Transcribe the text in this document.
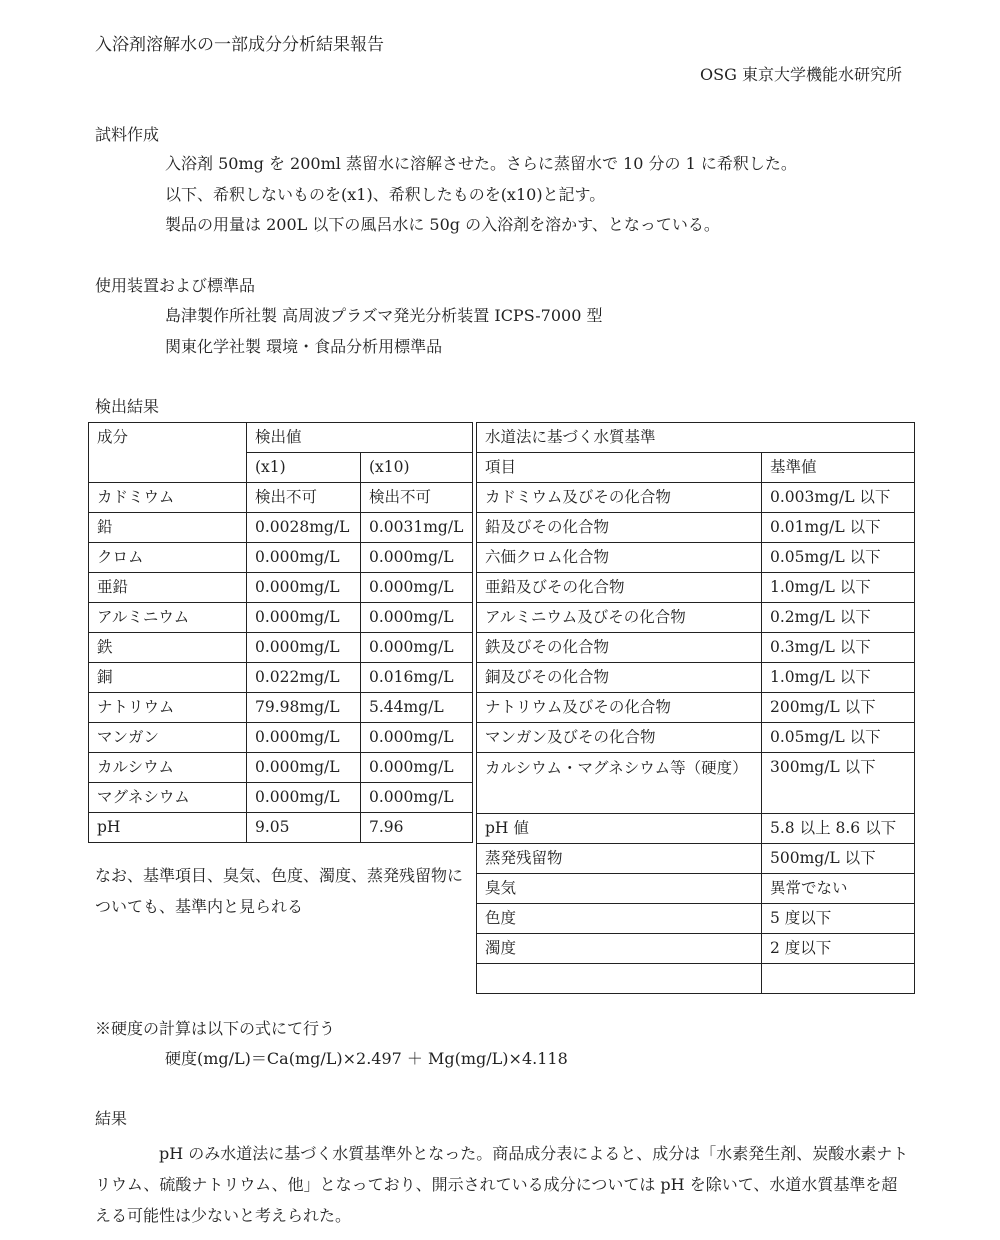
入浴剤溶解水の一部成分分析結果報告
OSG 東京大学機能水研究所
試料作成
入浴剤 50mg を 200ml 蒸留水に溶解させた。さらに蒸留水で 10 分の 1 に希釈した。
以下、希釈しないものを(x1)、希釈したものを(x10)と記す。
製品の用量は 200L 以下の風呂水に 50g の入浴剤を溶かす、となっている。
使用装置および標準品
島津製作所社製 高周波プラズマ発光分析装置 ICPS-7000 型
関東化学社製 環境・食品分析用標準品
検出結果
成分	検出値	
	(x1)	(x10)
カドミウム	検出不可	検出不可
鉛	0.0028mg/L	0.0031mg/L
クロム	0.000mg/L	0.000mg/L
亜鉛	0.000mg/L	0.000mg/L
アルミニウム	0.000mg/L	0.000mg/L
鉄	0.000mg/L	0.000mg/L
銅	0.022mg/L	0.016mg/L
ナトリウム	79.98mg/L	5.44mg/L
マンガン	0.000mg/L	0.000mg/L
カルシウム	0.000mg/L	0.000mg/L
マグネシウム	0.000mg/L	0.000mg/L
pH	9.05	7.96
水道法に基づく水質基準	
項目	基準値
カドミウム及びその化合物	0.003mg/L 以下
鉛及びその化合物	0.01mg/L 以下
六価クロム化合物	0.05mg/L 以下
亜鉛及びその化合物	1.0mg/L 以下
アルミニウム及びその化合物	0.2mg/L 以下
鉄及びその化合物	0.3mg/L 以下
銅及びその化合物	1.0mg/L 以下
ナトリウム及びその化合物	200mg/L 以下
マンガン及びその化合物	0.05mg/L 以下
カルシウム・マグネシウム等（硬度）	300mg/L 以下
pH 値	5.8 以上 8.6 以下
蒸発残留物	500mg/L 以下
臭気	異常でない
色度	5 度以下
濁度	2 度以下

なお、基準項目、臭気、色度、濁度、蒸発残留物についても、基準内と見られる
※硬度の計算は以下の式にて行う
硬度(mg/L)＝Ca(mg/L)×2.497 ＋ Mg(mg/L)×4.118
結果
pH のみ水道法に基づく水質基準外となった。商品成分表によると、成分は「水素発生剤、炭酸水素ナトリウム、硫酸ナトリウム、他」となっており、開示されている成分については pH を除いて、水道水質基準を超える可能性は少ないと考えられた。
